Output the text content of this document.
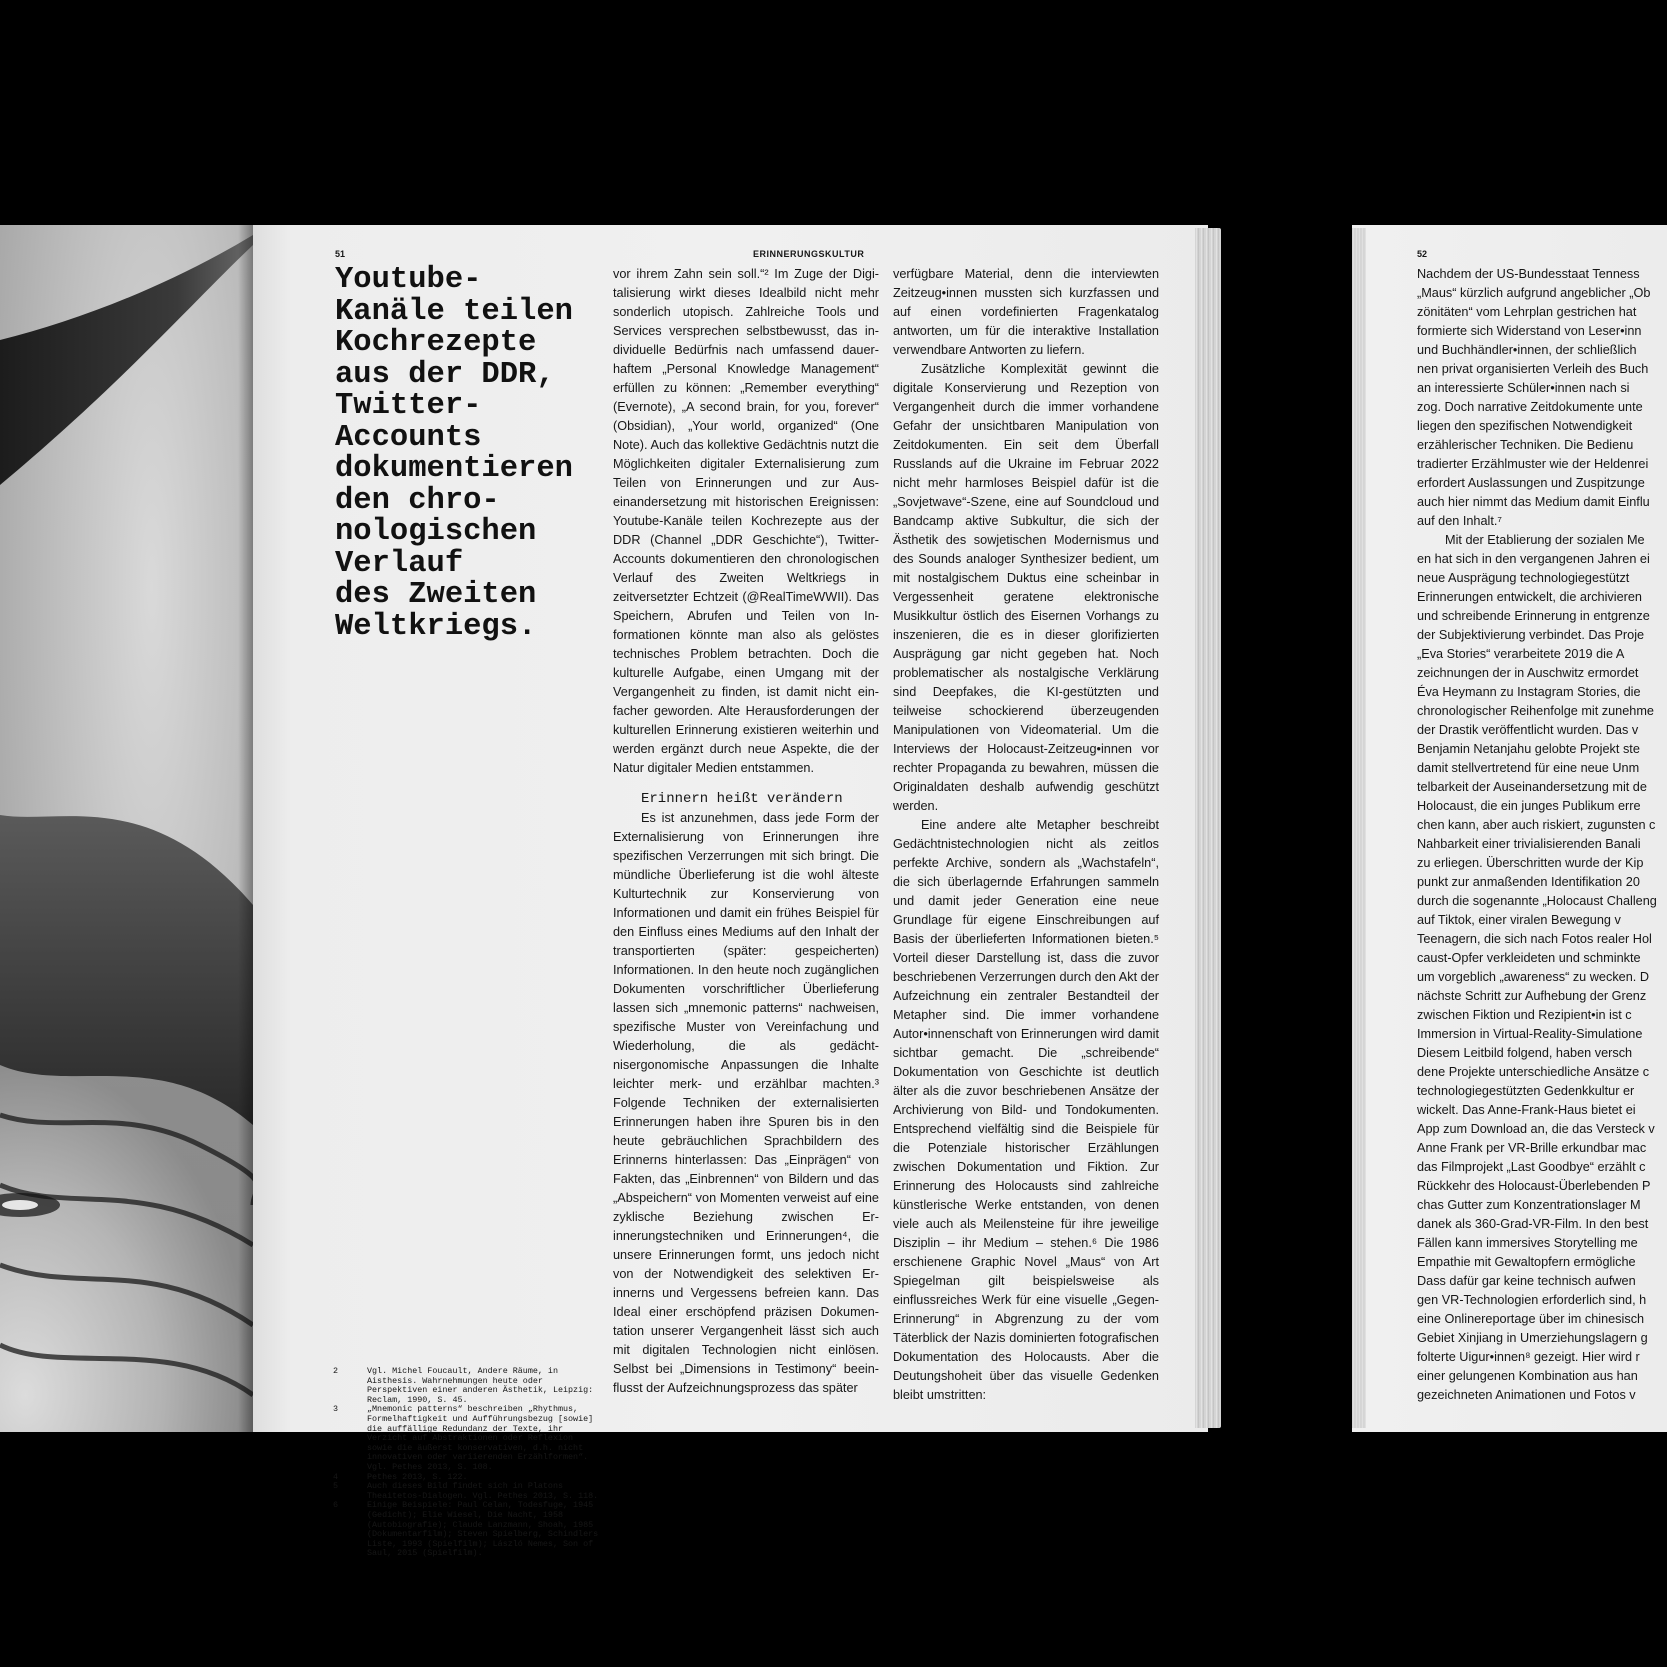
51	ERINNERUNGSKULTUR
Youtube-
Kanäle teilen
Kochrezepte
aus der DDR,
Twitter-
Accounts
dokumentieren
den chro-
nologischen
Verlauf
des Zweiten
Weltkriegs.

2	Vgl. Michel Foucault, Andere Räume, in Aisthesis. Wahrnehmungen heute oder Perspektiven einer anderen Ästhetik, Leipzig: Reclam, 1990, S. 45.

3	„Mnemonic patterns“ beschreiben „Rhythmus, Formelhaftigkeit und Aufführungsbezug [sowie] die auffällige Redundanz der Texte, ihr Verzicht auf Abstraktionen oder Reflexion sowie die äußerst konservativen, d.h. nicht innovativen oder variierenden Erzählformen“. Vgl. Pethes 2013, S. 108.

4	Pethes 2013, S. 122.

5	Auch dieses Bild findet sich in Platons Theaitetos-Dialogen. Vgl. Pethes 2013, S. 118.

6	Einige Beispiele: Paul Celan, Todesfuge, 1945 (Gedicht); Elie Wiesel, Die Nacht, 1958 (Autobiografie); Claude Lanzmann, Shoah, 1985 (Dokumentarfilm); Steven Spielberg, Schindlers Liste, 1993 (Spielfilm); László Nemes, Son of Saul, 2015 (Spielfilm).

vor ihrem Zahn sein soll.“² Im Zuge der Digitalisierung wirkt dieses Idealbild nicht mehr sonderlich utopisch. Zahlreiche Tools und Services versprechen selbstbewusst, das individuelle Bedürfnis nach umfassend dauerhaftem „Personal Knowledge Management“ erfüllen zu können: „Remember everything“ (Evernote), „A second brain, for you, forever“ (Obsidian), „Your world, organized“ (One Note). Auch das kollektive Gedächtnis nutzt die Möglichkeiten digitaler Externalisierung zum Teilen von Erinnerungen und zur Auseinandersetzung mit historischen Ereignissen: Youtube-Kanäle teilen Kochrezepte aus der DDR (Channel „DDR Geschichte“), Twitter-Accounts dokumentieren den chronologischen Verlauf des Zweiten Weltkriegs in zeitversetzter Echtzeit (@RealTimeWWII). Das Speichern, Abrufen und Teilen von Informationen könnte man also als gelöstes technisches Problem betrachten. Doch die kulturelle Aufgabe, einen Umgang mit der Vergangenheit zu finden, ist damit nicht einfacher geworden. Alte Herausforderungen der kulturellen Erinnerung existieren weiterhin und werden ergänzt durch neue Aspekte, die der Natur digitaler Medien entstammen.

Erinnern heißt verändern

Es ist anzunehmen, dass jede Form der Externalisierung von Erinnerungen ihre spezifischen Verzerrungen mit sich bringt. Die mündliche Überlieferung ist die wohl älteste Kulturtechnik zur Konservierung von Informationen und damit ein frühes Beispiel für den Einfluss eines Mediums auf den Inhalt der transportierten (später: gespeicherten) Informationen. In den heute noch zugänglichen Dokumenten vorschriftlicher Überlieferung lassen sich „mnemonic patterns“ nachweisen, spezifische Muster von Vereinfachung und Wiederholung, die als gedächtnisergonomische Anpassungen die Inhalte leichter merk- und erzählbar machten.³ Folgende Techniken der externalisierten Erinnerungen haben ihre Spuren bis in den heute gebräuchlichen Sprachbildern des Erinnerns hinterlassen: Das „Einprägen“ von Fakten, das „Einbrennen“ von Bildern und das „Abspeichern“ von Momenten verweist auf eine zyklische Beziehung zwischen Erinnerungstechniken und Erinnerungen⁴, die unsere Erinnerungen formt, uns jedoch nicht von der Notwendigkeit des selektiven Erinnerns und Vergessens befreien kann. Das Ideal einer erschöpfend präzisen Dokumentation unserer Vergangenheit lässt sich auch mit digitalen Technologien nicht einlösen. Selbst bei „Dimensions in Testimony“ beeinflusst der Aufzeichnungsprozess das später

verfügbare Material, denn die interviewten Zeitzeug•innen mussten sich kurzfassen und auf einen vordefinierten Fragenkatalog antworten, um für die interaktive Installation verwendbare Antworten zu liefern.

Zusätzliche Komplexität gewinnt die digitale Konservierung und Rezeption von Vergangenheit durch die immer vorhandene Gefahr der unsichtbaren Manipulation von Zeitdokumenten. Ein seit dem Überfall Russlands auf die Ukraine im Februar 2022 nicht mehr harmloses Beispiel dafür ist die „Sovjetwave“-Szene, eine auf Soundcloud und Bandcamp aktive Subkultur, die sich der Ästhetik des sowjetischen Modernismus und des Sounds analoger Synthesizer bedient, um mit nostalgischem Duktus eine scheinbar in Vergessenheit geratene elektronische Musikkultur östlich des Eisernen Vorhangs zu inszenieren, die es in dieser glorifizierten Ausprägung gar nicht gegeben hat. Noch problematischer als nostalgische Verklärung sind Deepfakes, die KI-gestützten und teilweise schockierend überzeugenden Manipulationen von Videomaterial. Um die Interviews der Holocaust-Zeitzeug•innen vor rechter Propaganda zu bewahren, müssen die Originaldaten deshalb aufwendig geschützt werden.

Eine andere alte Metapher beschreibt Gedächtnistechnologien nicht als zeitlos perfekte Archive, sondern als „Wachstafeln“, die sich überlagernde Erfahrungen sammeln und damit jeder Generation eine neue Grundlage für eigene Einschreibungen auf Basis der überlieferten Informationen bieten.⁵ Vorteil dieser Darstellung ist, dass die zuvor beschriebenen Verzerrungen durch den Akt der Aufzeichnung ein zentraler Bestandteil der Metapher sind. Die immer vorhandene Autor•innenschaft von Erinnerungen wird damit sichtbar gemacht. Die „schreibende“ Dokumentation von Geschichte ist deutlich älter als die zuvor beschriebenen Ansätze der Archivierung von Bild- und Tondokumenten. Entsprechend vielfältig sind die Beispiele für die Potenziale historischer Erzählungen zwischen Dokumentation und Fiktion. Zur Erinnerung des Holocausts sind zahlreiche künstlerische Werke entstanden, von denen viele auch als Meilensteine für ihre jeweilige Disziplin – ihr Medium – stehen.⁶ Die 1986 erschienene Graphic Novel „Maus“ von Art Spiegelman gilt beispielsweise als einflussreiches Werk für eine visuelle „Gegen-Erinnerung“ in Abgrenzung zu der vom Täterblick der Nazis dominierten fotografischen Dokumentation des Holocausts. Aber die Deutungshoheit über das visuelle Gedenken bleibt umstritten:

52
Nachdem der US-Bundesstaat Tenness
„Maus“ kürzlich aufgrund angeblicher „Ob
zönitäten“ vom Lehrplan gestrichen hat
formierte sich Widerstand von Leser•inn
und Buchhändler•innen, der schließlich
nen privat organisierten Verleih des Buch
an interessierte Schüler•innen nach si
zog. Doch narrative Zeitdokumente unte
liegen den spezifischen Notwendigkeit
erzählerischer Techniken. Die Bedienu
tradierter Erzählmuster wie der Heldenrei
erfordert Auslassungen und Zuspitzunge
auch hier nimmt das Medium damit Einflu
auf den Inhalt.⁷
Mit der Etablierung der sozialen Me
en hat sich in den vergangenen Jahren ei
neue Ausprägung technologiegestützt
Erinnerungen entwickelt, die archivieren
und schreibende Erinnerung in entgrenze
der Subjektivierung verbindet. Das Proje
„Eva Stories“ verarbeitete 2019 die A
zeichnungen der in Auschwitz ermordet
Éva Heymann zu Instagram Stories, die
chronologischer Reihenfolge mit zunehme
der Drastik veröffentlicht wurden. Das v
Benjamin Netanjahu gelobte Projekt ste
damit stellvertretend für eine neue Unm
telbarkeit der Auseinandersetzung mit de
Holocaust, die ein junges Publikum erre
chen kann, aber auch riskiert, zugunsten c
Nahbarkeit einer trivialisierenden Banali
zu erliegen. Überschritten wurde der Kip
punkt zur anmaßenden Identifikation 20
durch die sogenannte „Holocaust Challeng
auf Tiktok, einer viralen Bewegung v
Teenagern, die sich nach Fotos realer Hol
caust-Opfer verkleideten und schminkte
um vorgeblich „awareness“ zu wecken. D
nächste Schritt zur Aufhebung der Grenz
zwischen Fiktion und Rezipient•in ist c
Immersion in Virtual-Reality-Simulatione
Diesem Leitbild folgend, haben versch
dene Projekte unterschiedliche Ansätze c
technologiegestützten Gedenkkultur er
wickelt. Das Anne-Frank-Haus bietet ei
App zum Download an, die das Versteck v
Anne Frank per VR-Brille erkundbar mac
das Filmprojekt „Last Goodbye“ erzählt c
Rückkehr des Holocaust-Überlebenden P
chas Gutter zum Konzentrationslager M
danek als 360-Grad-VR-Film. In den best
Fällen kann immersives Storytelling me
Empathie mit Gewaltopfern ermögliche
Dass dafür gar keine technisch aufwen
gen VR-Technologien erforderlich sind, h
eine Onlinereportage über im chinesisch
Gebiet Xinjiang in Umerziehungslagern g
folterte Uigur•innen⁸ gezeigt. Hier wird r
einer gelungenen Kombination aus han
gezeichneten Animationen und Fotos v
